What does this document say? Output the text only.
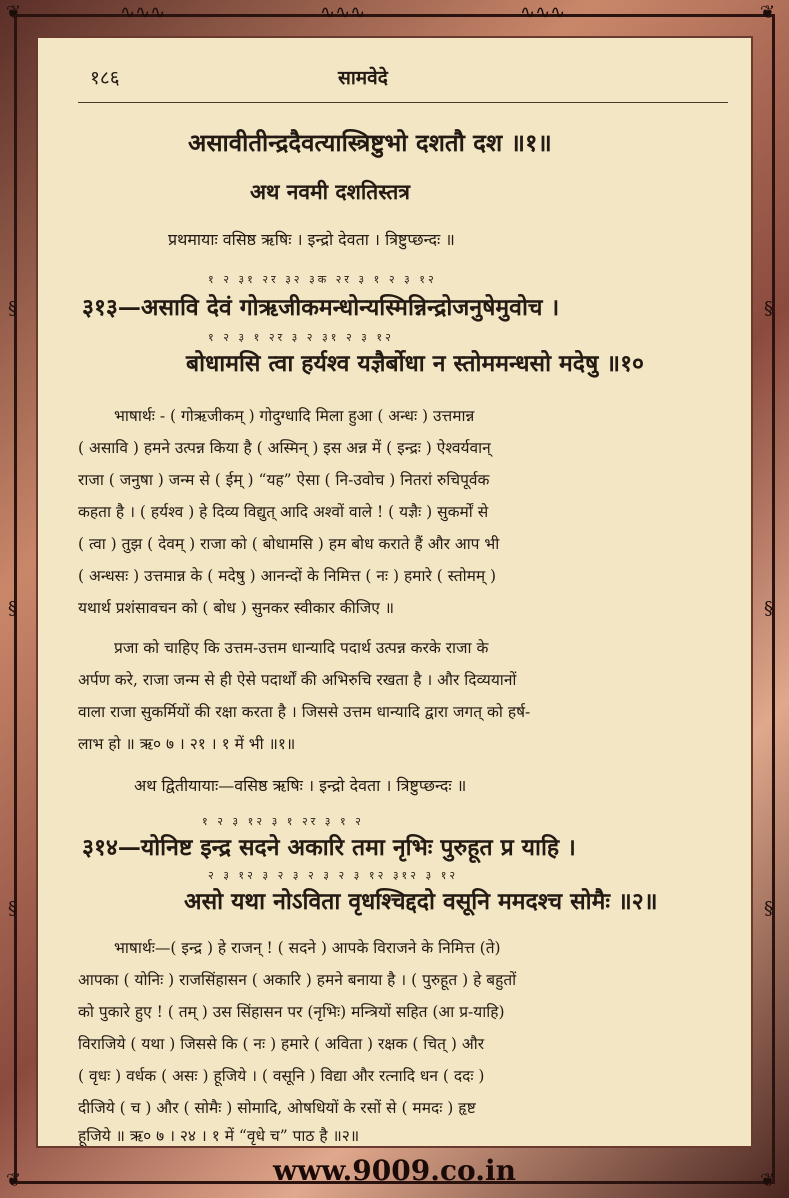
❦	❦
❦	❦
∿∿∿	∿∿∿	∿∿∿
§
§
§
§
§
§
१८६	सामवेदे
असावीतीन्द्रदैवत्यास्त्रिष्टुभो दशतौ दश ॥१॥
अथ नवमी दशतिस्तत्र
प्रथमायाः वसिष्ठ ऋषिः । इन्द्रो देवता । त्रिष्टुप्छन्दः ॥
१ २ ३१ २र ३२ ३क २र ३ १ २ ३ १२
३१३—असावि देवं गोऋजीकमन्धोन्यस्मिन्निन्द्रोजनुषेमुवोच ।
१ २ ३ १ २र ३ २ ३१ २ ३ १२
बोधामसि त्वा हर्यश्व यज्ञैर्बोधा न स्तोममन्धसो मदेषु ॥१०
भाषार्थः - ( गोऋजीकम् ) गोदुग्धादि मिला हुआ ( अन्धः ) उत्तमान्न
( असावि ) हमने उत्पन्न किया है ( अस्मिन् ) इस अन्न में ( इन्द्रः ) ऐश्वर्यवान्
राजा ( जनुषा ) जन्म से ( ईम् ) “यह” ऐसा ( नि-उवोच ) नितरां रुचिपूर्वक
कहता है । ( हर्यश्व ) हे दिव्य विद्युत् आदि अश्वों वाले ! ( यज्ञैः ) सुकर्मों से
( त्वा ) तुझ ( देवम् ) राजा को ( बोधामसि ) हम बोध कराते हैं और आप भी
( अन्धसः ) उत्तमान्न के ( मदेषु ) आनन्दों के निमित्त ( नः ) हमारे ( स्तोमम् )
यथार्थ प्रशंसावचन को ( बोध ) सुनकर स्वीकार कीजिए ॥
प्रजा को चाहिए कि उत्तम-उत्तम धान्यादि पदार्थ उत्पन्न करके राजा के
अर्पण करे, राजा जन्म से ही ऐसे पदार्थों की अभिरुचि रखता है । और दिव्ययानों
वाला राजा सुकर्मियों की रक्षा करता है । जिससे उत्तम धान्यादि द्वारा जगत् को हर्ष-
लाभ हो ॥ ऋ० ७ । २१ । १ में भी ॥१॥
अथ द्वितीयायाः—वसिष्ठ ऋषिः । इन्द्रो देवता । त्रिष्टुप्छन्दः ॥
१ २ ३ १२ ३ १ २र ३ १ २
३१४—योनिष्ट इन्द्र सदने अकारि तमा नृभिः पुरुहूत प्र याहि ।
२ ३ १२ ३ २ ३ २ ३ २ ३ १२ ३१२ ३ १२
असो यथा नोऽविता वृधश्चिद्ददो वसूनि ममदश्च सोमैः ॥२॥
भाषार्थः—( इन्द्र ) हे राजन् ! ( सदने ) आपके विराजने के निमित्त (ते)
आपका ( योनिः ) राजसिंहासन ( अकारि ) हमने बनाया है । ( पुरुहूत ) हे बहुतों
को पुकारे हुए ! ( तम् ) उस सिंहासन पर (नृभिः) मन्त्रियों सहित (आ प्र-याहि)
विराजिये ( यथा ) जिससे कि ( नः ) हमारे ( अविता ) रक्षक ( चित् ) और
( वृधः ) वर्धक ( असः ) हूजिये । ( वसूनि ) विद्या और रत्नादि धन ( ददः )
दीजिये ( च ) और ( सोमैः ) सोमादि, ओषधियों के रसों से ( ममदः ) हृष्ट
हूजिये ॥ ऋ० ७ । २४ । १ में “वृधे च” पाठ है ॥२॥
www.9009.co.in
